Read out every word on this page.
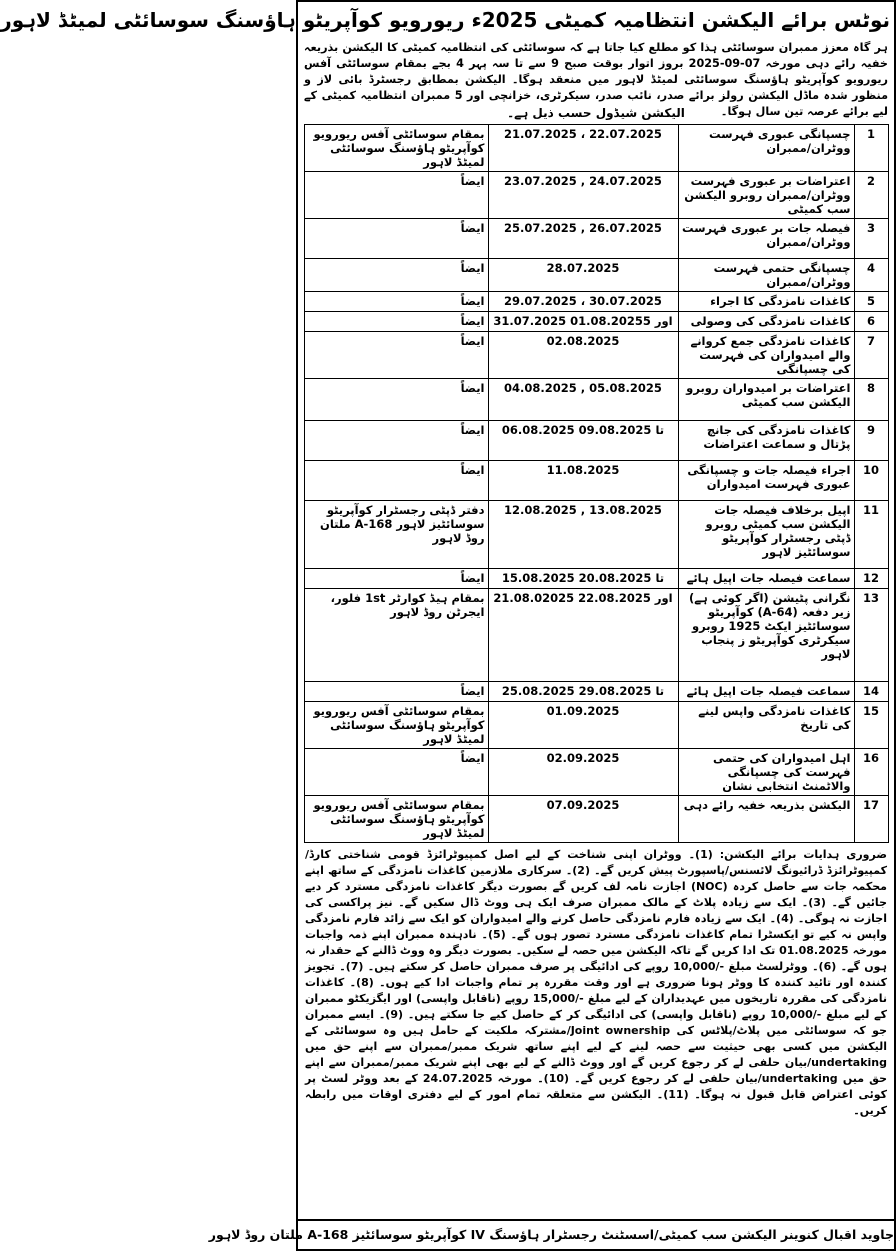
نوٹس برائے الیکشن انتظامیہ کمیٹی 2025ء ریورویو کوآپریٹو ہاؤسنگ سوسائٹی لمیٹڈ لاہور
ہر گاہ معزز ممبران سوسائٹی ہذا کو مطلع کیا جاتا ہے کہ سوسائٹی کی انتظامیہ کمیٹی کا الیکشن بذریعہ خفیہ رائے دہی مورخہ 07-09-2025 بروز اتوار بوقت صبح 9 سے تا سہ پہر 4 بجے بمقام سوسائٹی آفس ریورویو کوآپریٹو ہاؤسنگ سوسائٹی لمیٹڈ لاہور میں منعقد ہوگا۔ الیکشن بمطابق رجسٹرڈ بائی لاز و منظور شدہ ماڈل الیکشن رولز برائے صدر، نائب صدر، سیکرٹری، خزانچی اور 5 ممبران انتظامیہ کمیٹی کے لیے برائے عرصہ تین سال ہوگا۔
الیکشن شیڈول حسب ذیل ہے۔
1	چسپانگی عبوری فہرست ووٹران/ممبران	21.07.2025 ، 22.07.2025	بمقام سوسائٹی آفس ریورویو کوآپریٹو ہاؤسنگ سوسائٹی لمیٹڈ لاہور
2	اعتراضات بر عبوری فہرست ووٹران/ممبران روبرو الیکشن سب کمیٹی	23.07.2025 , 24.07.2025	ایضاً
3	فیصلہ جات بر عبوری فہرست ووٹران/ممبران	25.07.2025 , 26.07.2025	ایضاً
4	چسپانگی حتمی فہرست ووٹران/ممبران	28.07.2025	ایضاً
5	کاغذات نامزدگی کا اجراء	29.07.2025 ، 30.07.2025	ایضاً
6	کاغذات نامزدگی کی وصولی	31.07.2025 اور 01.08.20255	ایضاً
7	کاغذات نامزدگی جمع کروانے والے امیدواران کی فہرست کی چسپانگی	02.08.2025	ایضاً
8	اعتراضات بر امیدواران روبرو الیکشن سب کمیٹی	04.08.2025 , 05.08.2025	ایضاً
9	کاغذات نامزدگی کی جانچ پڑتال و سماعت اعتراضات	06.08.2025 تا 09.08.2025	ایضاً
10	اجراء فیصلہ جات و چسپانگی عبوری فہرست امیدواران	11.08.2025	ایضاً
11	اپیل برخلاف فیصلہ جات الیکشن سب کمیٹی روبرو ڈپٹی رجسٹرار کوآپریٹو سوسائٹیز لاہور	12.08.2025 , 13.08.2025	دفتر ڈپٹی رجسٹرار کوآپریٹو سوسائٹیز لاہور A-168 ملتان روڈ لاہور
12	سماعت فیصلہ جات اپیل ہائے	15.08.2025 تا 20.08.2025	ایضاً
13	نگرانی پٹیشن (اگر کوئی ہے) زیر دفعہ (A-64) کوآپریٹو سوسائٹیز ایکٹ 1925 روبرو سیکرٹری کوآپریٹو ز پنجاب لاہور	21.08.02025 اور 22.08.2025	بمقام ہیڈ کوارٹر 1st فلور، ایجرٹن روڈ لاہور
14	سماعت فیصلہ جات اپیل ہائے	25.08.2025 تا 29.08.2025	ایضاً
15	کاغذات نامزدگی واپس لینے کی تاریخ	01.09.2025	بمقام سوسائٹی آفس ریورویو کوآپریٹو ہاؤسنگ سوسائٹی لمیٹڈ لاہور
16	اہل امیدواران کی حتمی فہرست کی چسپانگی والاٹمنٹ انتخابی نشان	02.09.2025	ایضاً
17	الیکشن بذریعہ خفیہ رائے دہی	07.09.2025	بمقام سوسائٹی آفس ریورویو کوآپریٹو ہاؤسنگ سوسائٹی لمیٹڈ لاہور
ضروری ہدایات برائے الیکشن: (1)۔ ووٹران اپنی شناخت کے لیے اصل کمپیوٹرائزڈ قومی شناختی کارڈ/کمپیوٹرائزڈ ڈرائیونگ لائسنس/پاسپورٹ پیش کریں گے۔ (2)۔ سرکاری ملازمین کاغذات نامزدگی کے ساتھ اپنے محکمہ جات سے حاصل کردہ (NOC) اجازت نامہ لف کریں گے بصورت دیگر کاغذات نامزدگی مسترد کر دیے جائیں گے۔ (3)۔ ایک سے زیادہ پلاٹ کے مالک ممبران صرف ایک ہی ووٹ ڈال سکیں گے۔ نیز پراکسی کی اجازت نہ ہوگی۔ (4)۔ ایک سے زیادہ فارم نامزدگی حاصل کرنے والے امیدواران کو ایک سے زائد فارم نامزدگی واپس نہ کیے تو ایکسٹرا تمام کاغذات نامزدگی مسترد تصور ہوں گے۔ (5)۔ نادہندہ ممبران اپنے ذمہ واجبات مورخہ 01.08.2025 تک ادا کریں گے تاکہ الیکشن میں حصہ لے سکیں۔ بصورت دیگر وہ ووٹ ڈالنے کے حقدار نہ ہوں گے۔ (6)۔ ووٹرلسٹ مبلغ -/10,000 روپے کی ادائیگی پر صرف ممبران حاصل کر سکتے ہیں۔ (7)۔ تجویز کنندہ اور تائید کنندہ کا ووٹر ہونا ضروری ہے اور وقت مقررہ پر تمام واجبات ادا کیے ہوں۔ (8)۔ کاغذات نامزدگی کی مقررہ تاریخوں میں عہدیداران کے لیے مبلغ -/15,000 روپے (ناقابل واپسی) اور ایگزیکٹو ممبران کے لیے مبلغ -/10,000 روپے (ناقابل واپسی) کی ادائیگی کر کے حاصل کیے جا سکتے ہیں۔ (9)۔ ایسے ممبران جو کہ سوسائٹی میں پلاٹ/پلاٹس کی Joint ownership/مشترکہ ملکیت کے حامل ہیں وہ سوسائٹی کے الیکشن میں کسی بھی حیثیت سے حصہ لینے کے لیے اپنے ساتھ شریک ممبر/ممبران سے اپنے حق میں undertaking/بیان حلفی لے کر رجوع کریں گے اور ووٹ ڈالنے کے لیے بھی اپنے شریک ممبر/ممبران سے اپنے حق میں undertaking/بیان حلفی لے کر رجوع کریں گے۔ (10)۔ مورخہ 24.07.2025 کے بعد ووٹر لسٹ پر کوئی اعتراض قابل قبول نہ ہوگا۔ (11)۔ الیکشن سے متعلقہ تمام امور کے لیے دفتری اوقات میں رابطہ کریں۔
جاوید اقبال کنوینر الیکشن سب کمیٹی/اسسٹنٹ رجسٹرار ہاؤسنگ IV کوآپریٹو سوسائٹیز A-168 ملتان روڈ لاہور
